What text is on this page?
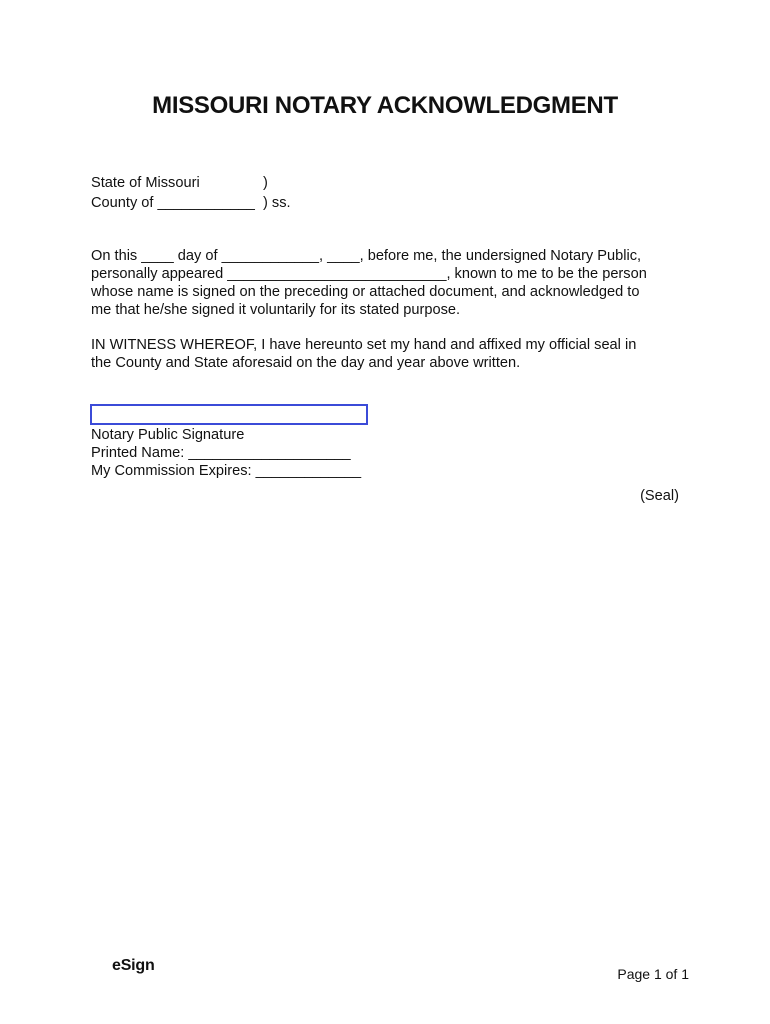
MISSOURI NOTARY ACKNOWLEDGMENT
State of Missouri	)
County of ____________ ) ss.
On this ____ day of ____________, ____, before me, the undersigned Notary Public,
personally appeared ___________________________, known to me to be the person
whose name is signed on the preceding or attached document, and acknowledged to
me that he/she signed it voluntarily for its stated purpose.
IN WITNESS WHEREOF, I have hereunto set my hand and affixed my official seal in
the County and State aforesaid on the day and year above written.
Notary Public Signature
Printed Name: ____________________
My Commission Expires: _____________
(Seal)
eSign	Page 1 of 1
